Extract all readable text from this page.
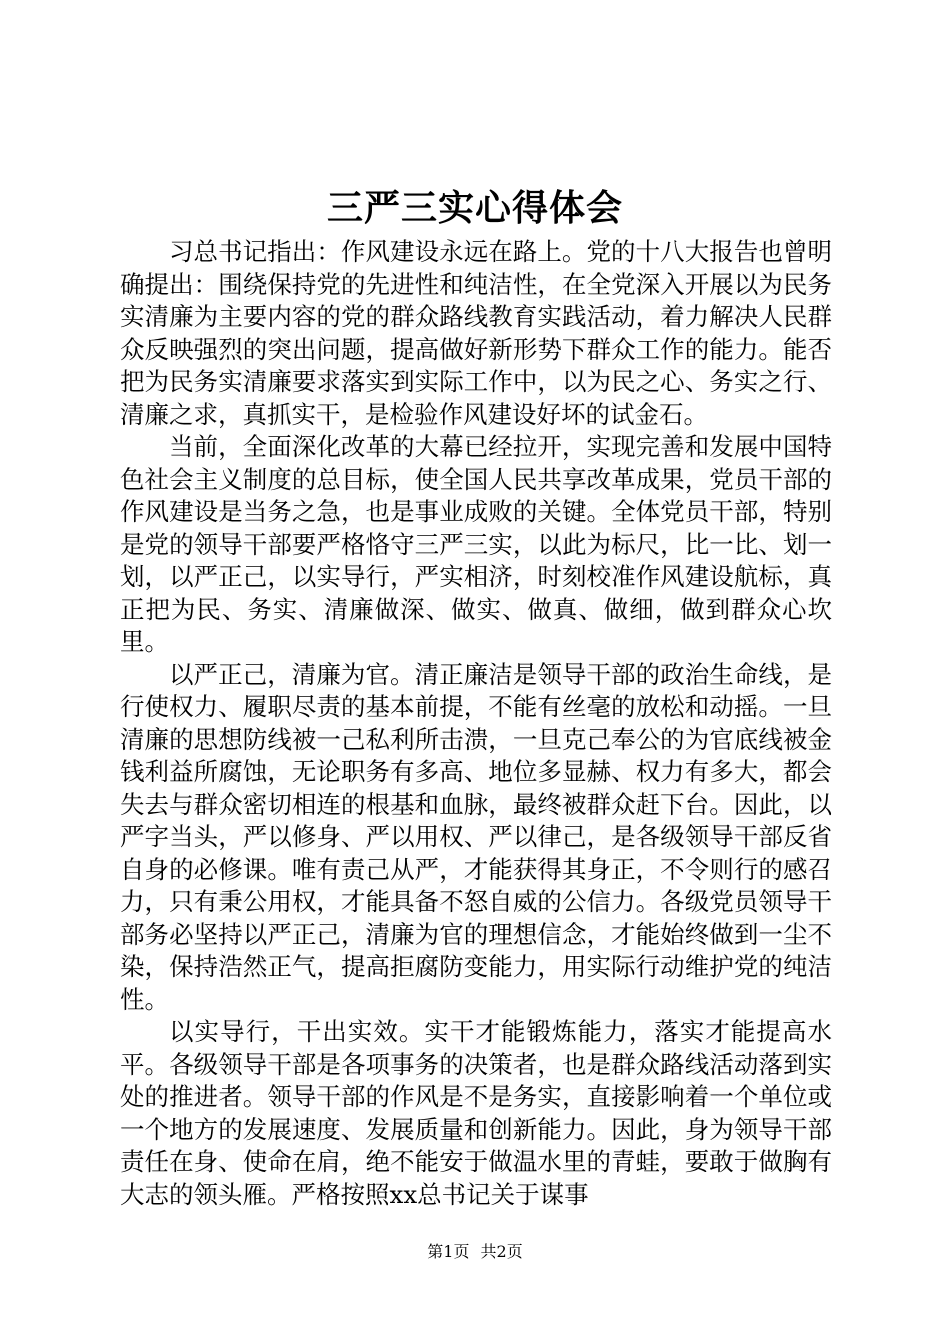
三严三实心得体会

习总书记指出：作风建设永远在路上。党的十八大报告也曾明确提出：围绕保持党的先进性和纯洁性，在全党深入开展以为民务实清廉为主要内容的党的群众路线教育实践活动，着力解决人民群众反映强烈的突出问题，提高做好新形势下群众工作的能力。能否把为民务实清廉要求落实到实际工作中，以为民之心、务实之行、清廉之求，真抓实干，是检验作风建设好坏的试金石。

当前，全面深化改革的大幕已经拉开，实现完善和发展中国特色社会主义制度的总目标，使全国人民共享改革成果，党员干部的作风建设是当务之急，也是事业成败的关键。全体党员干部，特别是党的领导干部要严格恪守三严三实，以此为标尺，比一比、划一划，以严正己，以实导行，严实相济，时刻校准作风建设航标，真正把为民、务实、清廉做深、做实、做真、做细，做到群众心坎里。

以严正己，清廉为官。清正廉洁是领导干部的政治生命线，是行使权力、履职尽责的基本前提，不能有丝毫的放松和动摇。一旦清廉的思想防线被一己私利所击溃，一旦克己奉公的为官底线被金钱利益所腐蚀，无论职务有多高、地位多显赫、权力有多大，都会失去与群众密切相连的根基和血脉，最终被群众赶下台。因此，以严字当头，严以修身、严以用权、严以律己，是各级领导干部反省自身的必修课。唯有责己从严，才能获得其身正，不令则行的感召力，只有秉公用权，才能具备不怒自威的公信力。各级党员领导干部务必坚持以严正己，清廉为官的理想信念，才能始终做到一尘不染，保持浩然正气，提高拒腐防变能力，用实际行动维护党的纯洁性。

以实导行，干出实效。实干才能锻炼能力，落实才能提高水平。各级领导干部是各项事务的决策者，也是群众路线活动落到实处的推进者。领导干部的作风是不是务实，直接影响着一个单位或一个地方的发展速度、发展质量和创新能力。因此，身为领导干部责任在身、使命在肩，绝不能安于做温水里的青蛙，要敢于做胸有大志的领头雁。严格按照xx总书记关于谋事

第1页 共2页
